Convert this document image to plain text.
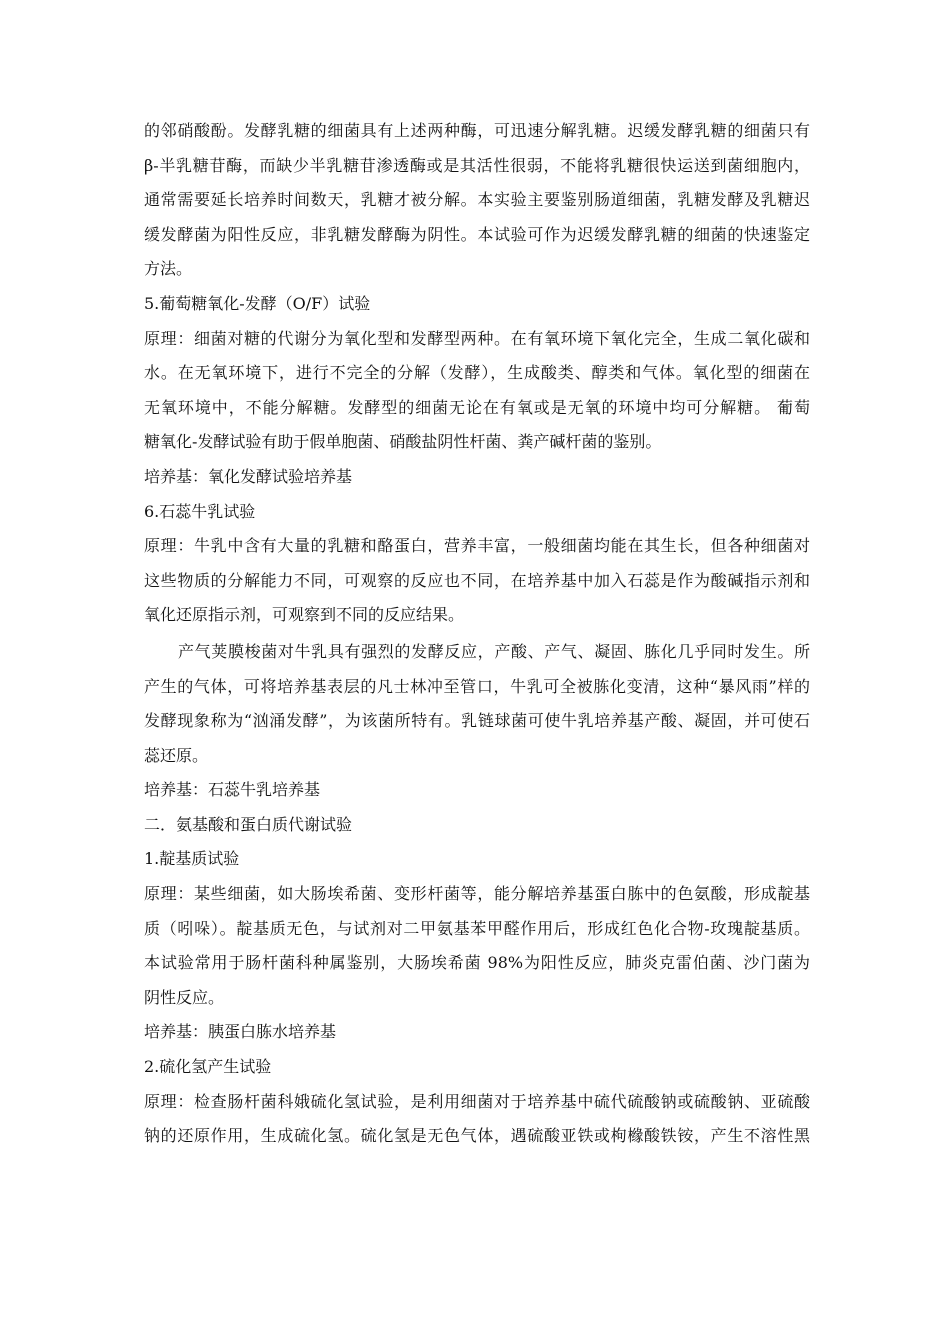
的邻硝酸酚。发酵乳糖的细菌具有上述两种酶，可迅速分解乳糖。迟缓发酵乳糖的细菌只有
β-半乳糖苷酶，而缺少半乳糖苷渗透酶或是其活性很弱，不能将乳糖很快运送到菌细胞内，
通常需要延长培养时间数天，乳糖才被分解。本实验主要鉴别肠道细菌，乳糖发酵及乳糖迟
缓发酵菌为阳性反应，非乳糖发酵酶为阴性。本试验可作为迟缓发酵乳糖的细菌的快速鉴定
方法。
5.葡萄糖氧化-发酵（O/F）试验
原理：细菌对糖的代谢分为氧化型和发酵型两种。在有氧环境下氧化完全，生成二氧化碳和
水。在无氧环境下，进行不完全的分解（发酵），生成酸类、醇类和气体。氧化型的细菌在
无氧环境中，不能分解糖。发酵型的细菌无论在有氧或是无氧的环境中均可分解糖。 葡萄
糖氧化-发酵试验有助于假单胞菌、硝酸盐阴性杆菌、粪产碱杆菌的鉴别。
培养基：氧化发酵试验培养基
6.石蕊牛乳试验
原理：牛乳中含有大量的乳糖和酪蛋白，营养丰富，一般细菌均能在其生长，但各种细菌对
这些物质的分解能力不同，可观察的反应也不同，在培养基中加入石蕊是作为酸碱指示剂和
氧化还原指示剂，可观察到不同的反应结果。
产气荚膜梭菌对牛乳具有强烈的发酵反应，产酸、产气、凝固、胨化几乎同时发生。所
产生的气体，可将培养基表层的凡士林冲至管口，牛乳可全被胨化变清，这种“暴风雨”样的
发酵现象称为“汹涌发酵”，为该菌所特有。乳链球菌可使牛乳培养基产酸、凝固，并可使石
蕊还原。
培养基：石蕊牛乳培养基
二．氨基酸和蛋白质代谢试验
1.靛基质试验
原理：某些细菌，如大肠埃希菌、变形杆菌等，能分解培养基蛋白胨中的色氨酸，形成靛基
质（吲哚）。靛基质无色，与试剂对二甲氨基苯甲醛作用后，形成红色化合物-玫瑰靛基质。
本试验常用于肠杆菌科种属鉴别，大肠埃希菌 98%为阳性反应，肺炎克雷伯菌、沙门菌为
阴性反应。
培养基：胰蛋白胨水培养基
2.硫化氢产生试验
原理：检查肠杆菌科娥硫化氢试验，是利用细菌对于培养基中硫代硫酸钠或硫酸钠、亚硫酸
钠的还原作用，生成硫化氢。硫化氢是无色气体，遇硫酸亚铁或枸橼酸铁铵，产生不溶性黑
